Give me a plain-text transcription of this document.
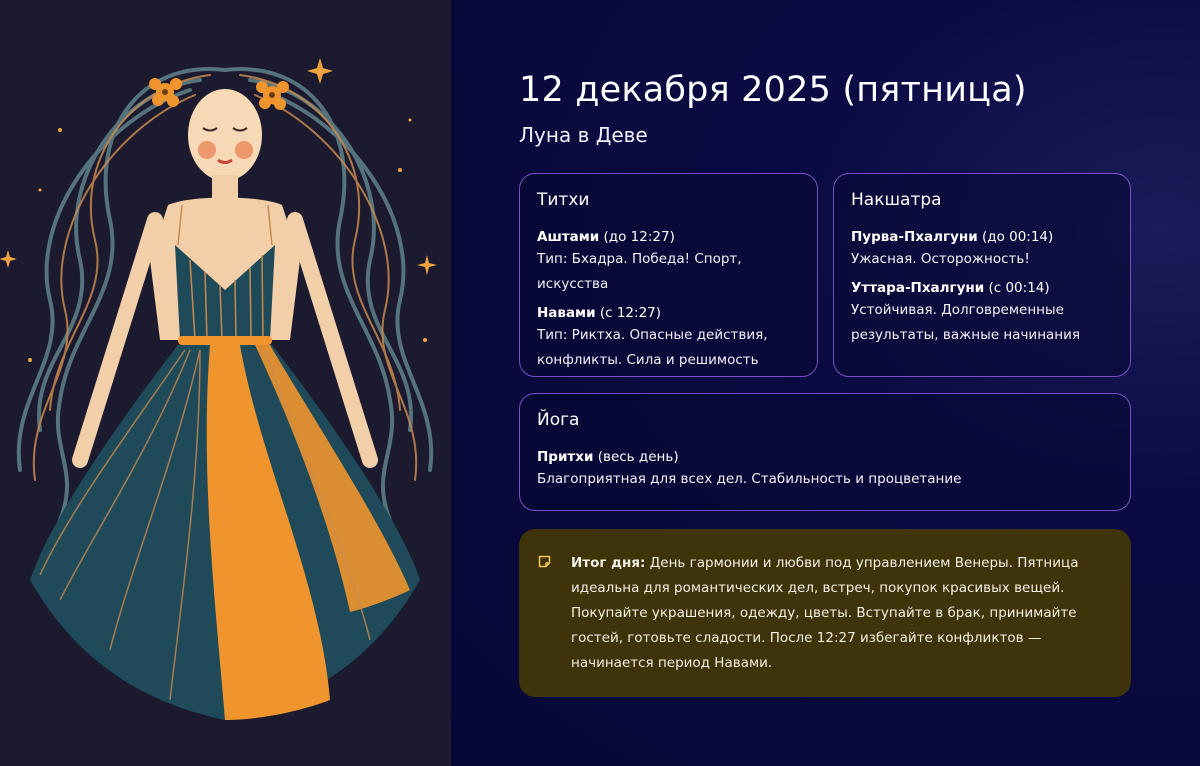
12 декабря 2025 (пятница)
Луна в Деве
Титхи
Аштами (до 12:27)
Тип: Бхадра. Победа! Спорт, искусства
Навами (с 12:27)
Тип: Риктха. Опасные действия, конфликты. Сила и решимость
Накшатра
Пурва-Пхалгуни (до 00:14)
Ужасная. Осторожность!
Уттара-Пхалгуни (с 00:14)
Устойчивая. Долговременные результаты, важные начинания
Йога
Притхи (весь день)
Благоприятная для всех дел. Стабильность и процветание

Итог дня: День гармонии и любви под управлением Венеры. Пятница идеальна для романтических дел, встреч, покупок красивых вещей. Покупайте украшения, одежду, цветы. Вступайте в брак, принимайте гостей, готовьте сладости. После 12:27 избегайте конфликтов — начинается период Навами.
